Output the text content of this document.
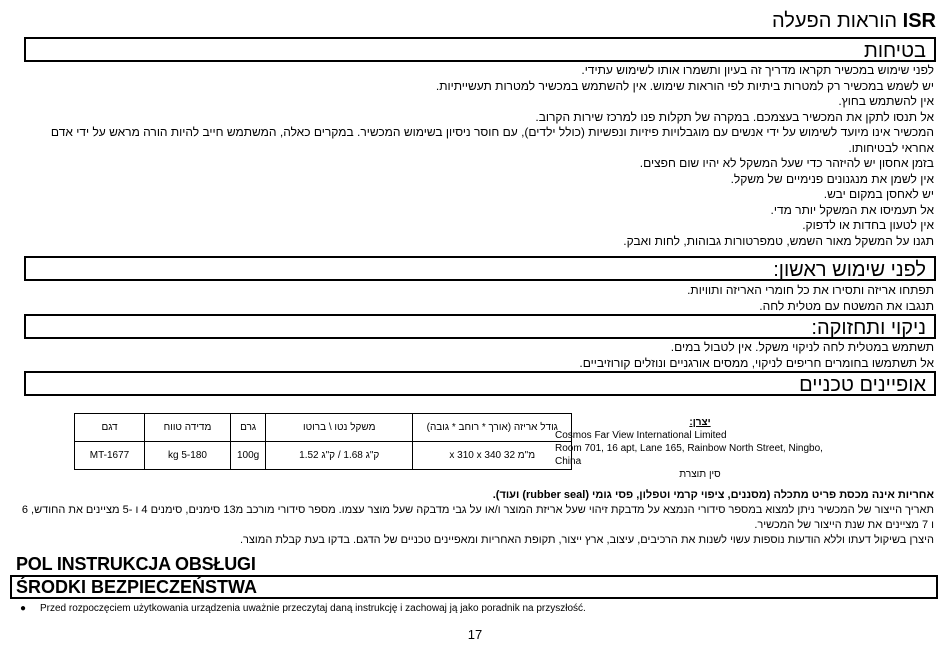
ISR הוראות הפעלה
בטיחות
לפני שימוש במכשיר תקראו מדריך זה בעיון ותשמרו אותו לשימוש עתידי.
יש לשמש במכשיר רק למטרות ביתיות לפי הוראות שימוש. אין להשתמש במכשיר למטרות תעשייתיות.
אין להשתמש בחוץ.
אל תנסו לתקן את המכשיר בעצמכם. במקרה של תקלות פנו למרכז שירות הקרוב.
המכשיר אינו מיועד לשימוש על ידי אנשים עם מוגבלויות פיזיות ונפשיות (כולל ילדים), עם חוסר ניסיון בשימוש המכשיר. במקרים כאלה, המשתמש חייב להיות הורה מראש על ידי אדם אחראי לבטיחותו.
בזמן אחסון יש להיזהר כדי שעל המשקל לא יהיו שום חפצים.
אין לשמן את מנגנונים פנימיים של משקל.
יש לאחסן במקום יבש.
אל תעמיסו את המשקל יותר מדי.
אין לטעון בחדות או לדפוק.
תגנו על המשקל מאור השמש, טמפרטורות גבוהות, לחות ואבק.
לפני שימוש ראשון:
תפתחו אריזה ותסירו את כל חומרי האריזה ותוויות.
תנגבו את המשטח עם מטלית לחה.
ניקוי ותחזוקה:
תשתמש במטלית לחה לניקוי משקל. אין לטבול במים.
אל תשתמשו בחומרים חריפים לניקוי, ממסים אורגניים ונוזלים קורוזיביים.
אופיינים טכניים
גודל אריזה (אורך * רוחב * גובה)	משקל נטו \ ברוטו	גרם	מדידה טווח	דגם
מ"מ 32 x 310 x 340	ק"ג 1.68 / ק"ג 1.52	100g	5-180 kg	MT-1677
יצרן:
Cosmos Far View International Limited
Room 701, 16 apt, Lane 165, Rainbow North Street, Ningbo, China
סין תוצרת
אחריות אינה מכסת פריט מתכלה (מסננים, ציפוי קרמי וטפלון, פסי גומי (rubber seal) ועוד).
תאריך הייצור של המכשיר ניתן למצוא במספר סידורי הנמצא על מדבקת זיהוי שעל אריזת המוצר ו/או על גבי מדבקה שעל מוצר עצמו. מספר סידורי מורכב מ13 סימנים, סימנים 4 ו -5 מציינים את החודש, 6 ו 7 מציינים את שנת הייצור של המכשיר.
היצרן בשיקול דעתו וללא הודעות נוספות עשוי לשנות את הרכיבים, עיצוב, ארץ ייצור, תקופת האחריות ומאפיינים טכניים של הדגם. בדקו בעת קבלת המוצר.
POL INSTRUKCJA OBSŁUGI
ŚRODKI BEZPIECZEŃSTWA
● Przed rozpoczęciem użytkowania urządzenia uważnie przeczytaj daną instrukcję i zachowaj ją jako poradnik na przyszłość.
17
